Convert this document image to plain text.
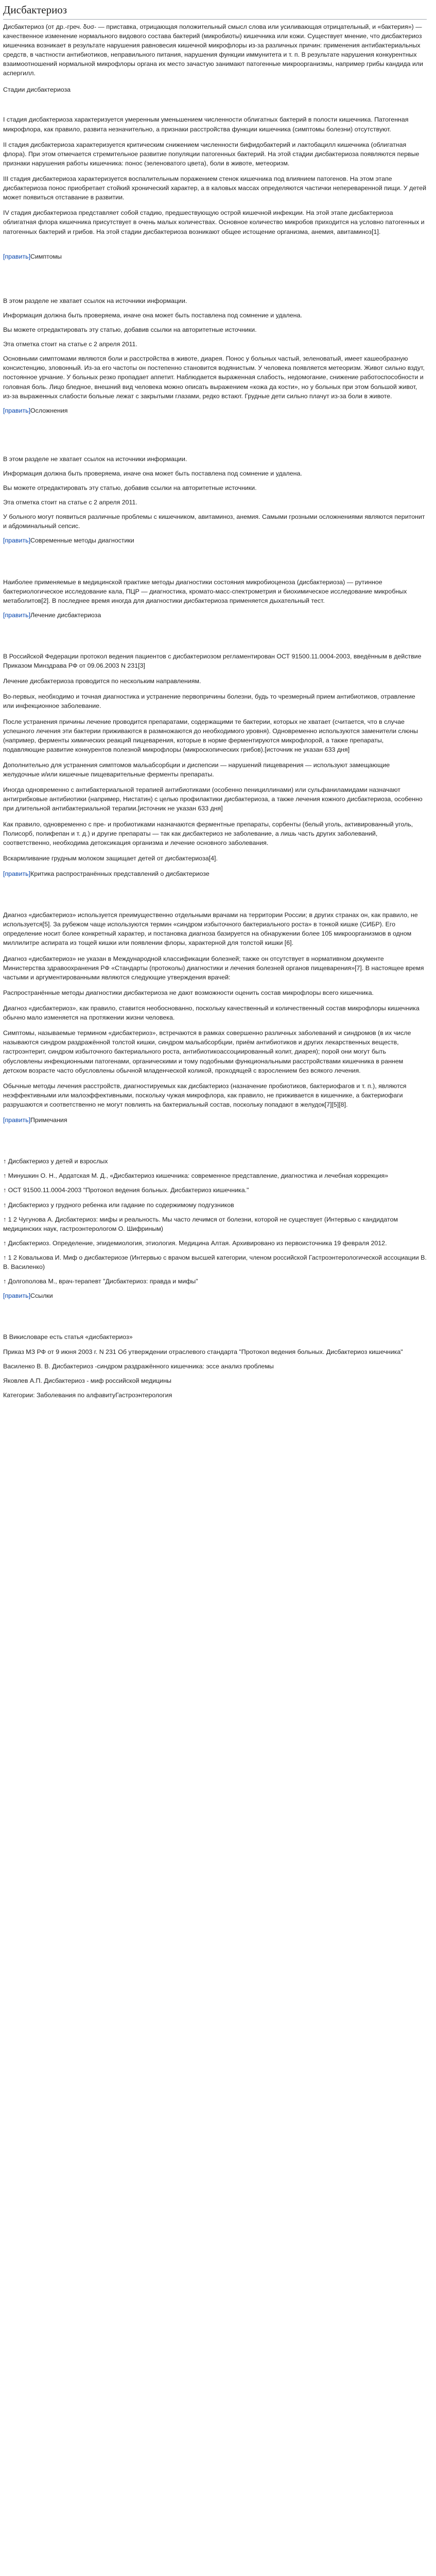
Дисбактериоз

Дисбактериоз (от др.-греч. δυσ- — приставка, отрицающая положительный смысл слова или усиливающая отрицательный, и «бактерия») — качественное изменение нормального видового состава бактерий (микробиоты) кишечника или кожи. Существует мнение, что дисбактериоз кишечника возникает в результате нарушения равновесия кишечной микрофлоры из-за различных причин: применения антибактериальных средств, в частности антибиотиков, неправильного питания, нарушения функции иммунитета и т. п. В результате нарушения конкурентных взаимоотношений нормальной микрофлоры органа их место зачастую занимают патогенные микроорганизмы, например грибы кандида или аспергилл.

Стадии дисбактериоза

I стадия дисбактериоза характеризуется умеренным уменьшением численности облигатных бактерий в полости кишечника. Патогенная микрофлора, как правило, развита незначительно, а признаки расстройства функции кишечника (симптомы болезни) отсутствуют.

II стадия дисбактериоза характеризуется критическим снижением численности бифидобактерий и лактобацилл кишечника (облигатная флора). При этом отмечается стремительное развитие популяции патогенных бактерий. На этой стадии дисбактериоза появляются первые признаки нарушения работы кишечника: понос (зеленоватого цвета), боли в животе, метеоризм.

III стадия дисбактериоза характеризуется воспалительным поражением стенок кишечника под влиянием патогенов. На этом этапе дисбактериоза понос приобретает стойкий хронический характер, а в каловых массах определяются частички непереваренной пищи. У детей может появиться отставание в развитии.

IV стадия дисбактериоза представляет собой стадию, предшествующую острой кишечной инфекции. На этой этапе дисбактериоза облигатная флора кишечника присутствует в очень малых количествах. Основное количество микробов приходится на условно патогенных и патогенных бактерий и грибов. На этой стадии дисбактериоза возникают общее истощение организма, анемия, авитаминоз[1].

[править]Симптомы

В этом разделе не хватает ссылок на источники информации.

Информация должна быть проверяема, иначе она может быть поставлена под сомнение и удалена.

Вы можете отредактировать эту статью, добавив ссылки на авторитетные источники.

Эта отметка стоит на статье с 2 апреля 2011.

Основными симптомами являются боли и расстройства в животе, диарея. Понос у больных частый, зеленоватый, имеет кашеобразную консистенцию, зловонный. Из-за его частоты он постепенно становится водянистым. У человека появляется метеоризм. Живот сильно вздут, постоянное урчание. У больных резко пропадает аппетит. Наблюдается выраженная слабость, недомогание, снижение работоспособности и головная боль. Лицо бледное, внешний вид человека можно описать выражением «кожа да кости», но у больных при этом большой живот, из-за выраженных слабости больные лежат с закрытыми глазами, редко встают. Грудные дети сильно плачут из-за боли в животе.

[править]Осложнения

В этом разделе не хватает ссылок на источники информации.

Информация должна быть проверяема, иначе она может быть поставлена под сомнение и удалена.

Вы можете отредактировать эту статью, добавив ссылки на авторитетные источники.

Эта отметка стоит на статье с 2 апреля 2011.

У больного могут появиться различные проблемы с кишечником, авитаминоз, анемия. Самыми грозными осложнениями являются перитонит и абдоминальный сепсис.

[править]Современные методы диагностики

Наиболее применяемые в медицинской практике методы диагностики состояния микробиоценоза (дисбактериоза) — рутинное бактериологическое исследование кала, ПЦР — диагностика, кромато-масс-спектрометрия и биохимическое исследование микробных метаболитов[2]. В последнее время иногда для диагностики дисбактериоза применяется дыхательный тест.

[править]Лечение дисбактериоза

В Российской Федерации протокол ведения пациентов с дисбактериозом регламентирован ОСТ 91500.11.0004-2003, введённым в действие Приказом Минздрава РФ от 09.06.2003 N 231[3]

Лечение дисбактериоза проводится по нескольким направлениям.

Во-первых, необходимо и точная диагностика и устранение первопричины болезни, будь то чрезмерный прием антибиотиков, отравление или инфекционное заболевание.

После устранения причины лечение проводится препаратами, содержащими те бактерии, которых не хватает (считается, что в случае успешного лечения эти бактерии приживаются в размножаются до необходимого уровня). Одновременно используются заменители слюны (например, ферменты химических реакций пищеварения, которые в норме ферментируются микрофлорой, а также препараты, подавляющие развитие конкурентов полезной микрофлоры (микроскопических грибов).[источник не указан 633 дня]

Дополнительно для устранения симптомов мальабсорбции и диспепсии — нарушений пищеварения — используют замещающие желудочные и/или кишечные пищеварительные ферменты препараты.

Иногда одновременно с антибактериальной терапией антибиотиками (особенно пенициллинами) или сульфаниламидами назначают антигрибковые антибиотики (например, Нистатин) с целью профилактики дисбактериоза, а также лечения кожного дисбактериоза, особенно при длительной антибактериальной терапии.[источник не указан 633 дня]

Как правило, одновременно с пре- и пробиотиками назначаются ферментные препараты, сорбенты (белый уголь, активированный уголь, Полисорб, полифепан и т. д.) и другие препараты — так как дисбактериоз не заболевание, а лишь часть других заболеваний, соответственно, необходима детоксикация организма и лечение основного заболевания.

Вскармливание грудным молоком защищает детей от дисбактериоза[4].

[править]Критика распространённых представлений о дисбактериозе

Диагноз «дисбактериоз» используется преимущественно отдельными врачами на территории России; в других странах он, как правило, не используется[5]. За рубежом чаще используются термин «синдром избыточного бактериального роста» в тонкой кишке (СИБР). Его определение носит более конкретный характер, и постановка диагноза базируется на обнаружении более 105 микроорганизмов в одном миллилитре аспирата из тощей кишки или появлении флоры, характерной для толстой кишки [6].

Диагноз «дисбактериоз» не указан в Международной классификации болезней; также он отсутствует в нормативном документе Министерства здравоохранения РФ «Стандарты (протоколы) диагностики и лечения болезней органов пищеварения»[7]. В настоящее время частыми и аргументированными являются следующие утверждения врачей:

Распространённые методы диагностики дисбактериоза не дают возможности оценить состав микрофлоры всего кишечника.

Диагноз «дисбактериоз», как правило, ставится необоснованно, поскольку качественный и количественный состав микрофлоры кишечника обычно мало изменяется на протяжении жизни человека.

Симптомы, называемые термином «дисбактериоз», встречаются в рамках совершенно различных заболеваний и синдромов (в их числе называются синдром раздражённой толстой кишки, синдром мальабсорбции, приём антибиотиков и других лекарственных веществ, гастроэнтерит, синдром избыточного бактериального роста, антибиотикоассоциированный колит, диарея); порой они могут быть обусловлены инфекционными патогенами, органическими и тому подобными функциональными расстройствами кишечника в раннем детском возрасте часто обусловлены обычной младенческой коликой, проходящей с взрослением без всякого лечения.

Обычные методы лечения расстройств, диагностируемых как дисбактериоз (назначение пробиотиков, бактериофагов и т. п.), являются неэффективными или малоэффективными, поскольку чужая микрофлора, как правило, не приживается в кишечнике, а бактериофаги разрушаются и соответственно не могут повлиять на бактериальный состав, поскольку попадают в желудок[7][5][8].

[править]Примечания

↑ Дисбактериоз у детей и взрослых

↑ Минушкин О. Н., Ардатская М. Д., «Дисбактериоз кишечника: современное представление, диагностика и лечебная коррекция»

↑ ОСТ 91500.11.0004-2003 "Протокол ведения больных. Дисбактериоз кишечника."

↑ Дисбактериоз у грудного ребенка или гадание по содержимому подгузников

↑ 1 2 Чугунова А. Дисбактериоз: мифы и реальность. Мы часто лечимся от болезни, которой не существует (Интервью с кандидатом медицинских наук, гастроэнтерологом О. Шифриным)

↑ Дисбактериоз. Определение, эпидемиология, этиология. Медицина Алтая. Архивировано из первоисточника 19 февраля 2012.

↑ 1 2 Ковалькова И. Миф о дисбактериозе (Интервью с врачом высшей категории, членом российской Гастроэнтерологической ассоциации В. В. Василенко)

↑ Долгополова М., врач-терапевт "Дисбактериоз: правда и мифы"

[править]Ссылки

В Викисловаре есть статья «дисбактериоз»

Приказ МЗ РФ от 9 июня 2003 г. N 231 Об утверждении отраслевого стандарта "Протокол ведения больных. Дисбактериоз кишечника"

Василенко В. В. Дисбактериоз -синдром раздражённого кишечника: эссе анализ проблемы

Яковлев А.П. Дисбактериоз - миф российской медицины

Категории: Заболевания по алфавитуГастроэнтерология
